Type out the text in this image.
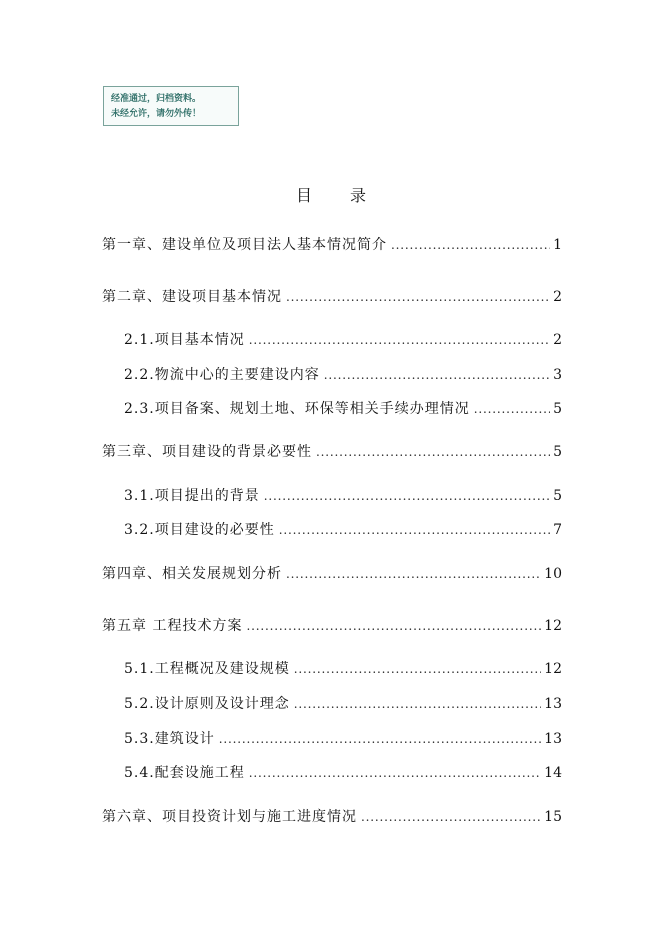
经准通过，归档资料。
未经允许，请勿外传！
目录
第一章、建设单位及项目法人基本情况简介 . . .	1
第二章、建设项目基本情况 . . .	2
2.1.项目基本情况 . . .	2
2.2.物流中心的主要建设内容 . . .	3
2.3.项目备案、规划土地、环保等相关手续办理情况 . . .	5
第三章、项目建设的背景必要性 . . .	5
3.1.项目提出的背景 . . .	5
3.2.项目建设的必要性 . . .	7
第四章、相关发展规划分析 . . .	10
第五章 工程技术方案 . . .	12
5.1.工程概况及建设规模 . . .	12
5.2.设计原则及设计理念 . . .	13
5.3.建筑设计 . . .	13
5.4.配套设施工程 . . .	14
第六章、项目投资计划与施工进度情况 . . .	15
